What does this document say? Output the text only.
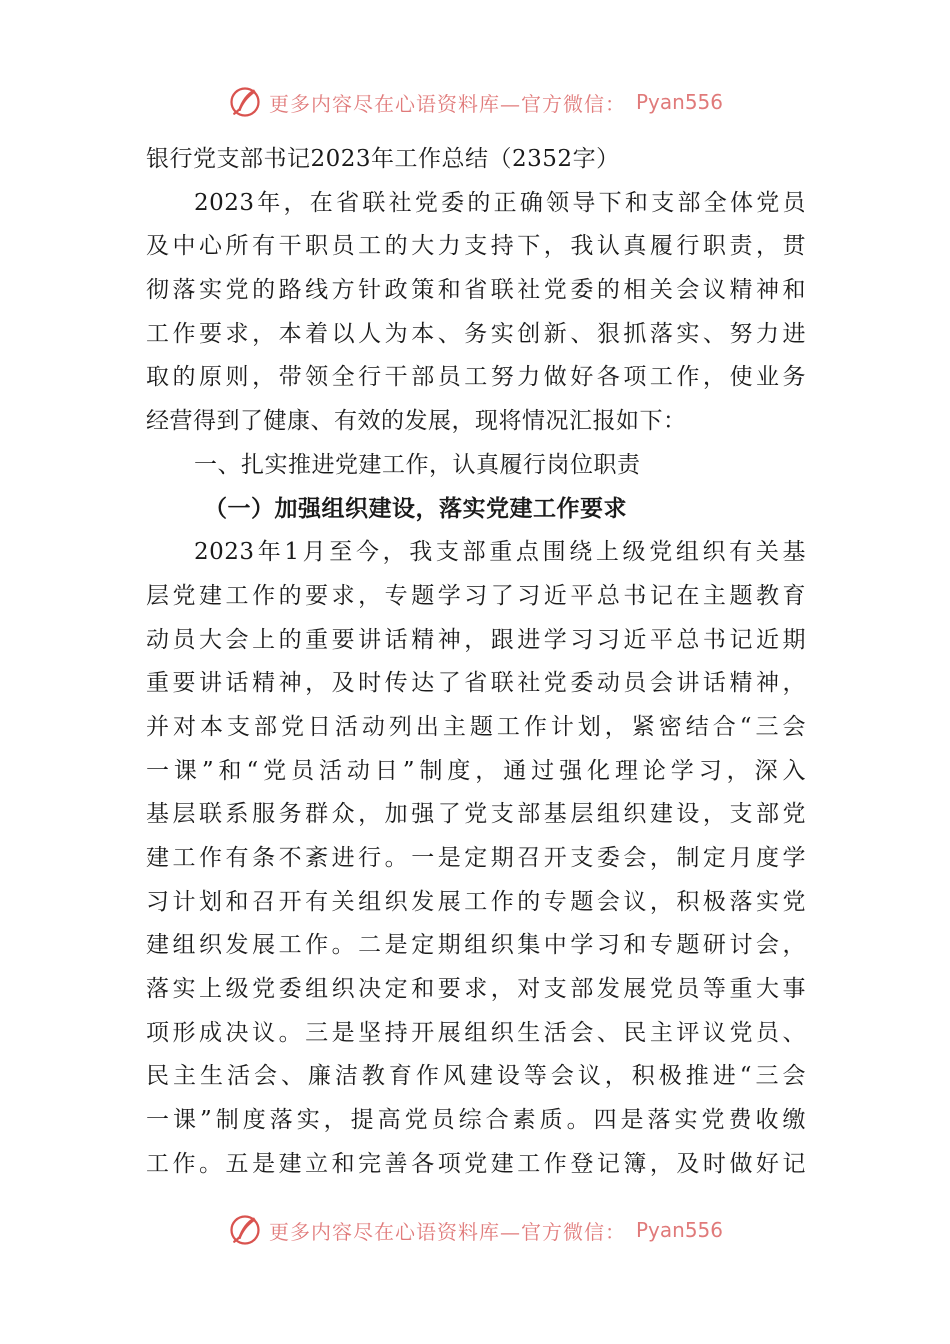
更多内容尽在心语资料库—官方微信： Pyan556
银行党支部书记2023年工作总结（2352字）
2023年，在省联社党委的正确领导下和支部全体党员
及中心所有干职员工的大力支持下，我认真履行职责，贯
彻落实党的路线方针政策和省联社党委的相关会议精神和
工作要求，本着以人为本、务实创新、狠抓落实、努力进
取的原则，带领全行干部员工努力做好各项工作，使业务
经营得到了健康、有效的发展，现将情况汇报如下：
一、扎实推进党建工作，认真履行岗位职责
（一）加强组织建设，落实党建工作要求
2023年1月至今，我支部重点围绕上级党组织有关基
层党建工作的要求，专题学习了习近平总书记在主题教育
动员大会上的重要讲话精神，跟进学习习近平总书记近期
重要讲话精神，及时传达了省联社党委动员会讲话精神，
并对本支部党日活动列出主题工作计划，紧密结合“三会
一课”和“党员活动日”制度，通过强化理论学习，深入
基层联系服务群众，加强了党支部基层组织建设，支部党
建工作有条不紊进行。一是定期召开支委会，制定月度学
习计划和召开有关组织发展工作的专题会议，积极落实党
建组织发展工作。二是定期组织集中学习和专题研讨会，
落实上级党委组织决定和要求，对支部发展党员等重大事
项形成决议。三是坚持开展组织生活会、民主评议党员、
民主生活会、廉洁教育作风建设等会议，积极推进“三会
一课”制度落实，提高党员综合素质。四是落实党费收缴
工作。五是建立和完善各项党建工作登记簿，及时做好记
更多内容尽在心语资料库—官方微信： Pyan556
